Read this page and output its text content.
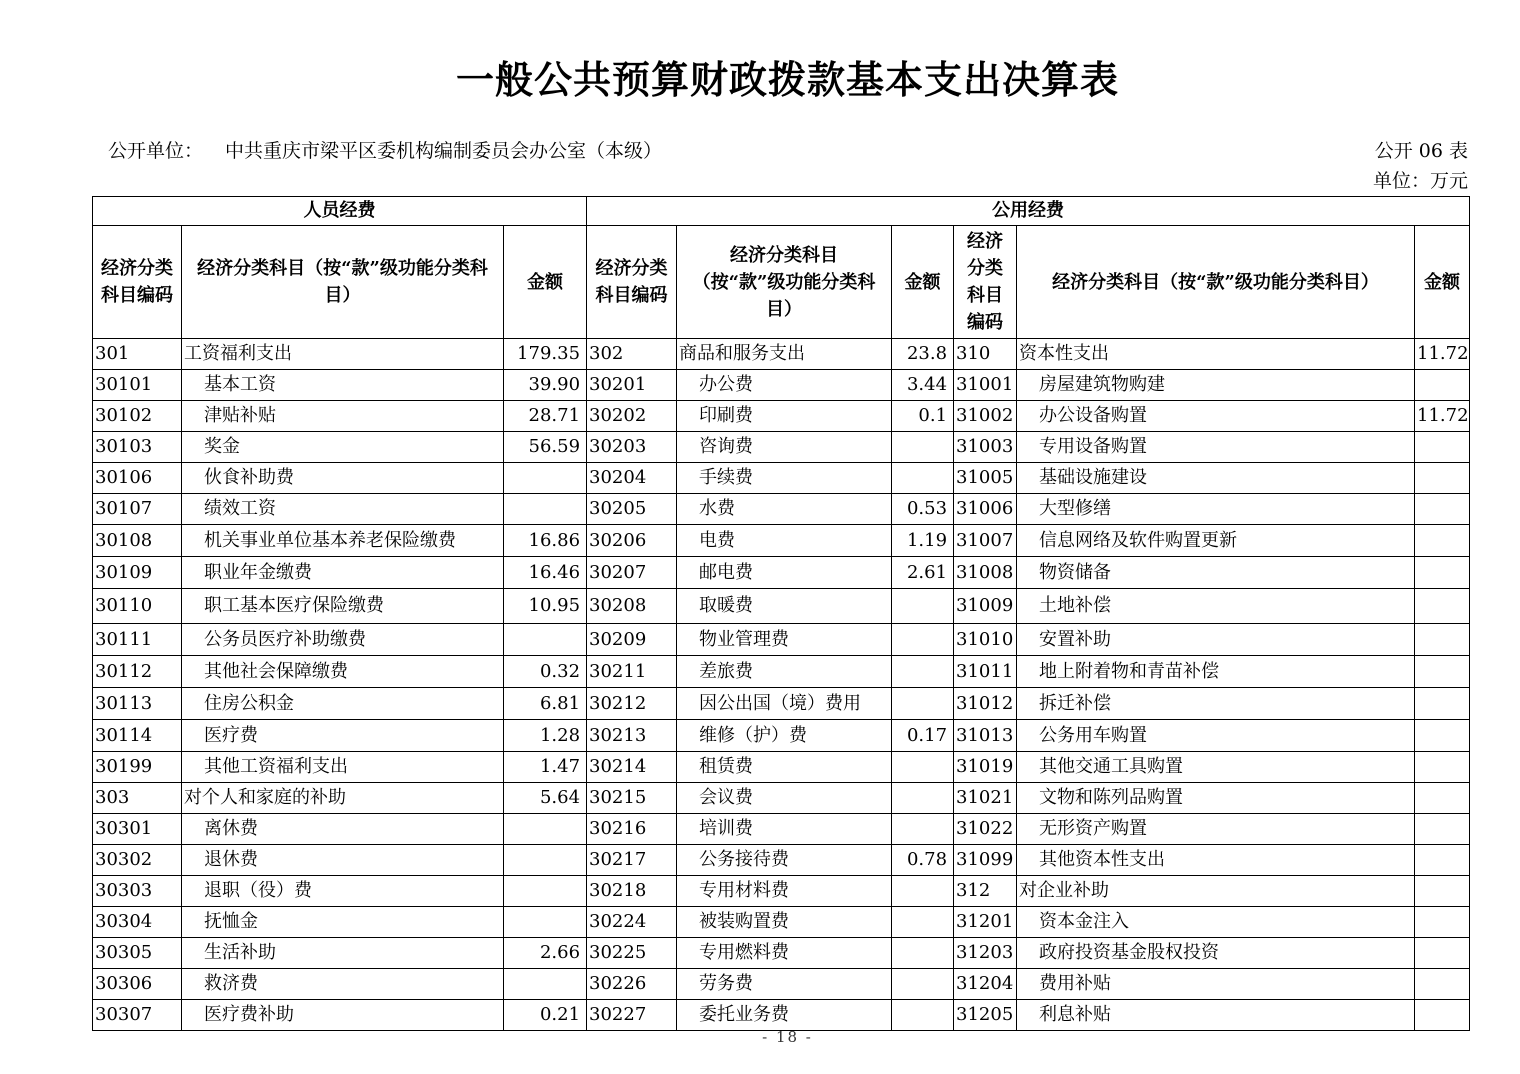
一般公共预算财政拨款基本支出决算表
公开单位： 中共重庆市梁平区委机构编制委员会办公室（本级）	公开 06 表
单位：万元
人员经费			公用经费					
经济分类科目编码	经济分类科目（按“款”级功能分类科目）	金额	经济分类科目编码	经济分类科目（按“款”级功能分类科目）	金额	经济分类科目编码	经济分类科目（按“款”级功能分类科目）	金额
301	工资福利支出	179.35	302	商品和服务支出	23.8	310	资本性支出	11.72
30101	基本工资	39.90	30201	办公费	3.44	31001	房屋建筑物购建	
30102	津贴补贴	28.71	30202	印刷费	0.1	31002	办公设备购置	11.72
30103	奖金	56.59	30203	咨询费		31003	专用设备购置	
30106	伙食补助费		30204	手续费		31005	基础设施建设	
30107	绩效工资		30205	水费	0.53	31006	大型修缮	
30108	机关事业单位基本养老保险缴费	16.86	30206	电费	1.19	31007	信息网络及软件购置更新	
30109	职业年金缴费	16.46	30207	邮电费	2.61	31008	物资储备	
30110	职工基本医疗保险缴费	10.95	30208	取暖费		31009	土地补偿	
30111	公务员医疗补助缴费		30209	物业管理费		31010	安置补助	
30112	其他社会保障缴费	0.32	30211	差旅费		31011	地上附着物和青苗补偿	
30113	住房公积金	6.81	30212	因公出国（境）费用		31012	拆迁补偿	
30114	医疗费	1.28	30213	维修（护）费	0.17	31013	公务用车购置	
30199	其他工资福利支出	1.47	30214	租赁费		31019	其他交通工具购置	
303	对个人和家庭的补助	5.64	30215	会议费		31021	文物和陈列品购置	
30301	离休费		30216	培训费		31022	无形资产购置	
30302	退休费		30217	公务接待费	0.78	31099	其他资本性支出	
30303	退职（役）费		30218	专用材料费		312	对企业补助	
30304	抚恤金		30224	被装购置费		31201	资本金注入	
30305	生活补助	2.66	30225	专用燃料费		31203	政府投资基金股权投资	
30306	救济费		30226	劳务费		31204	费用补贴	
30307	医疗费补助	0.21	30227	委托业务费		31205	利息补贴	
- 18 -
